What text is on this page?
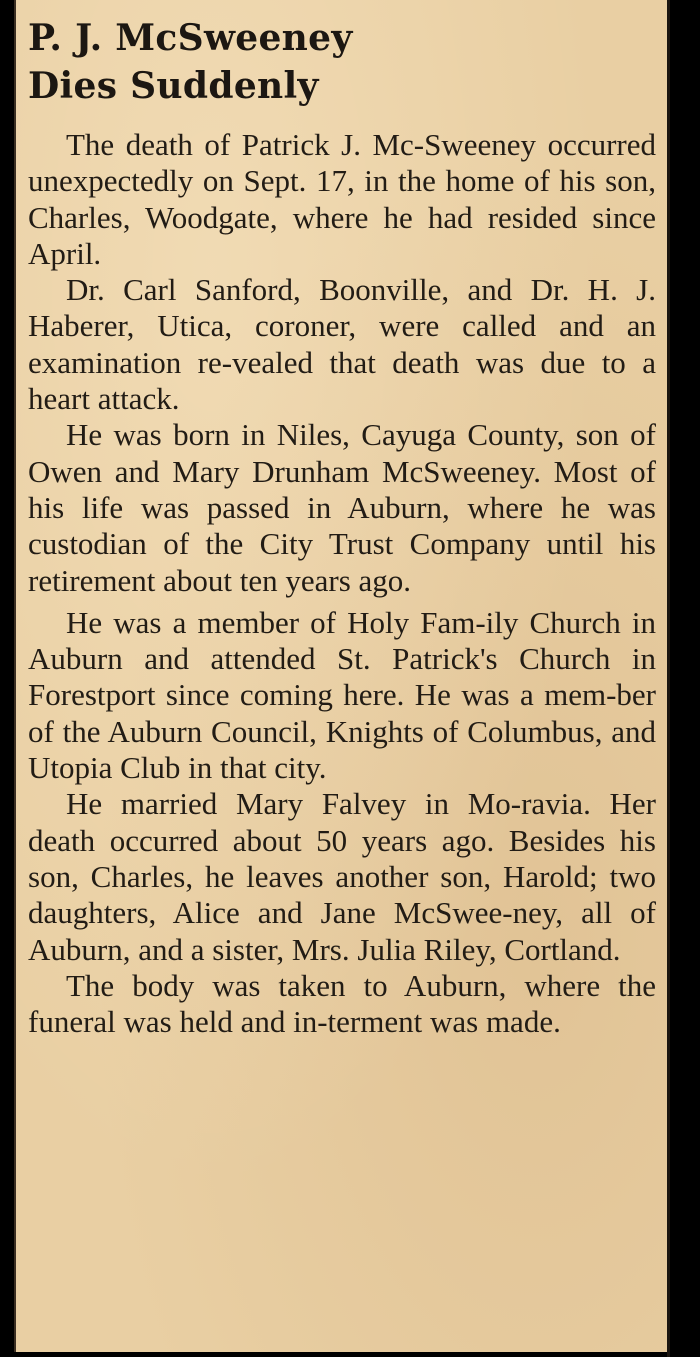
P. J. McSweeney
Dies Suddenly

The death of Patrick J. Mc-Sweeney occurred unexpectedly on Sept. 17, in the home of his son, Charles, Woodgate, where he had resided since April.

Dr. Carl Sanford, Boonville, and Dr. H. J. Haberer, Utica, coroner, were called and an examination re-vealed that death was due to a heart attack.

He was born in Niles, Cayuga County, son of Owen and Mary Drunham McSweeney. Most of his life was passed in Auburn, where he was custodian of the City Trust Company until his retirement about ten years ago.

He was a member of Holy Fam-ily Church in Auburn and attended St. Patrick's Church in Forestport since coming here. He was a mem-ber of the Auburn Council, Knights of Columbus, and Utopia Club in that city.

He married Mary Falvey in Mo-ravia. Her death occurred about 50 years ago. Besides his son, Charles, he leaves another son, Harold; two daughters, Alice and Jane McSwee-ney, all of Auburn, and a sister, Mrs. Julia Riley, Cortland.

The body was taken to Auburn, where the funeral was held and in-terment was made.
